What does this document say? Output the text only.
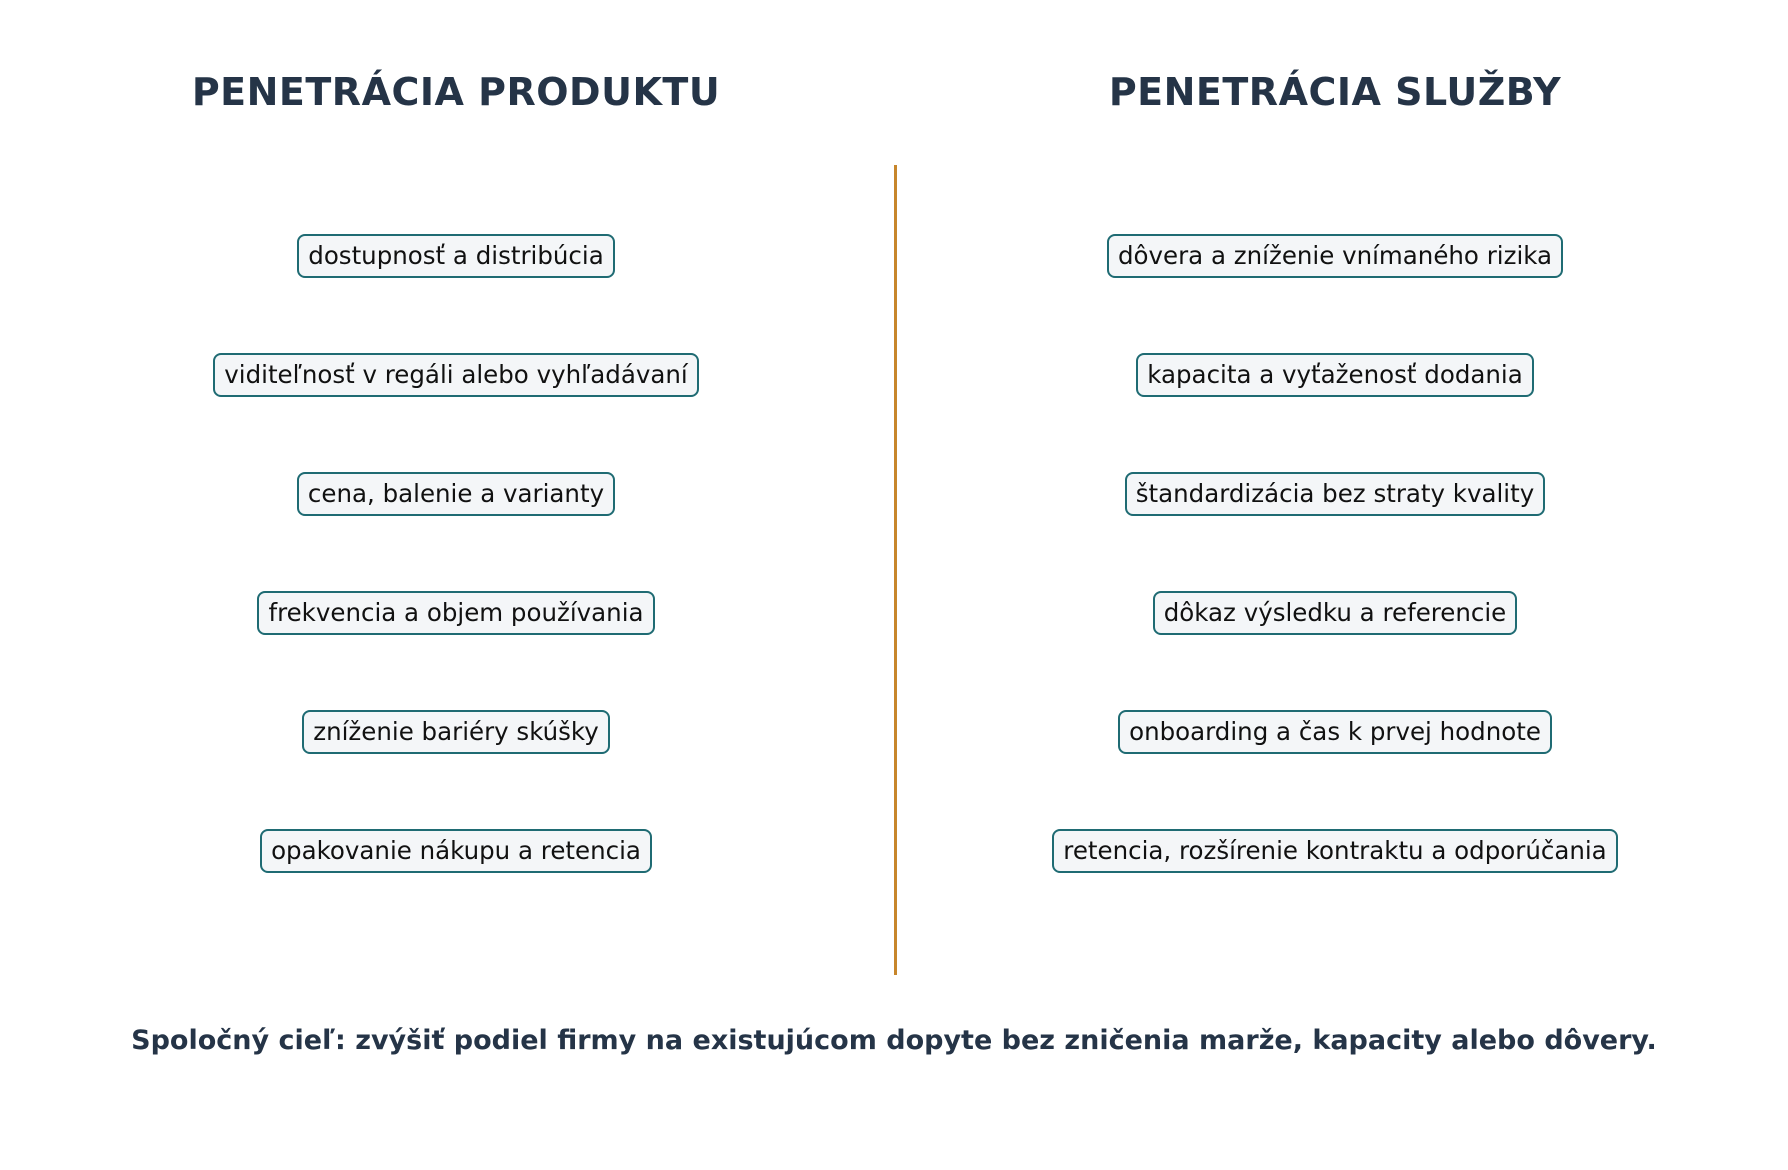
PENETRÁCIA PRODUKTU	PENETRÁCIA SLUŽBY
dostupnosť a distribúcia
viditeľnosť v regáli alebo vyhľadávaní
cena, balenie a varianty
frekvencia a objem používania
zníženie bariéry skúšky
opakovanie nákupu a retencia
dôvera a zníženie vnímaného rizika
kapacita a vyťaženosť dodania
štandardizácia bez straty kvality
dôkaz výsledku a referencie
onboarding a čas k prvej hodnote
retencia, rozšírenie kontraktu a odporúčania

Spoločný cieľ: zvýšiť podiel firmy na existujúcom dopyte bez zničenia marže, kapacity alebo dôvery.
